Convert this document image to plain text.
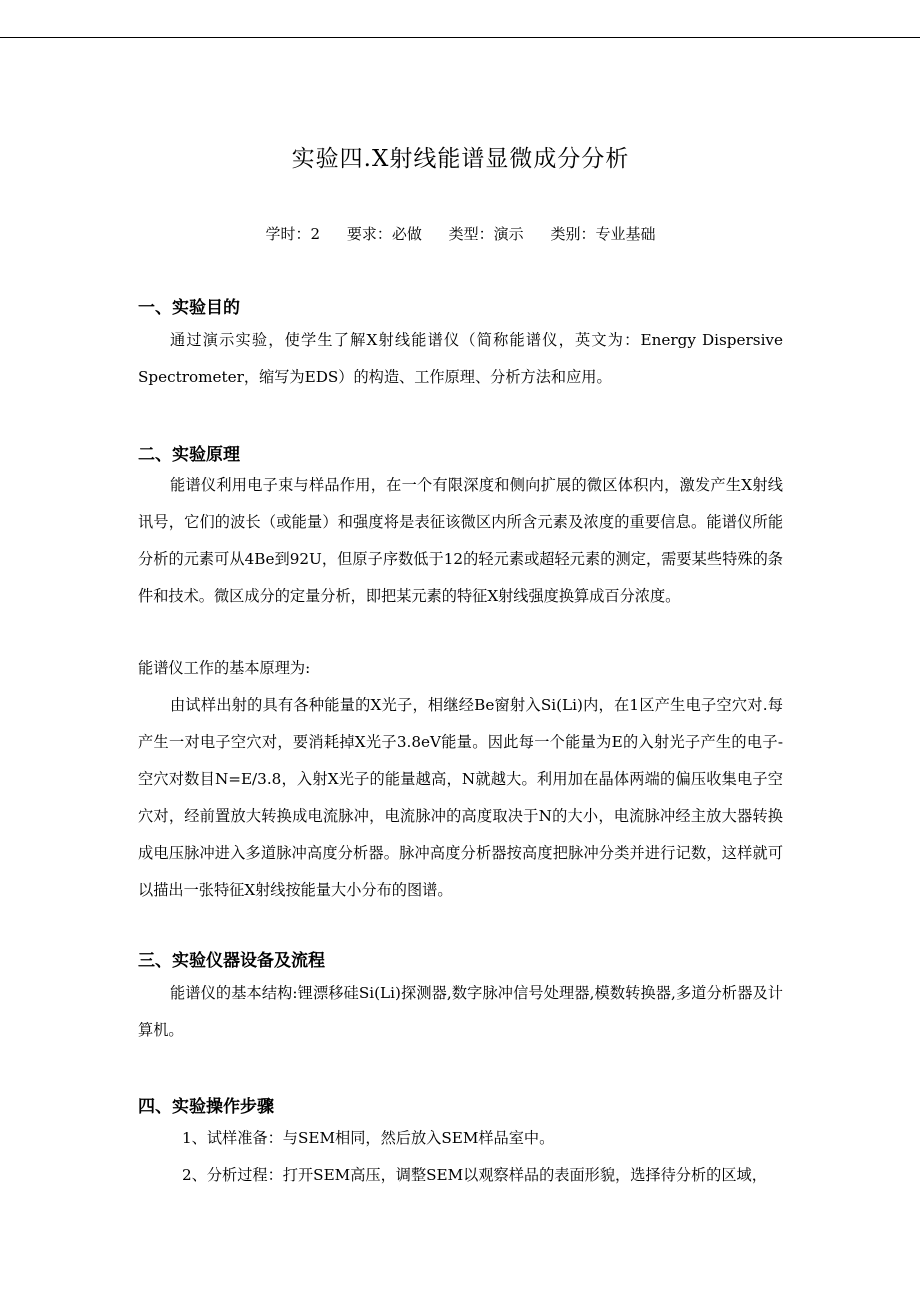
实验四.X射线能谱显微成分分析
学时：2 要求：必做 类型：演示 类别：专业基础
一、实验目的
通过演示实验，使学生了解X射线能谱仪（简称能谱仪，英文为：Energy Dispersive Spectrometer，缩写为EDS）的构造、工作原理、分析方法和应用。
二、实验原理
能谱仪利用电子束与样品作用，在一个有限深度和侧向扩展的微区体积内，激发产生X射线讯号，它们的波长（或能量）和强度将是表征该微区内所含元素及浓度的重要信息。能谱仪所能分析的元素可从4Be到92U，但原子序数低于12的轻元素或超轻元素的测定，需要某些特殊的条件和技术。微区成分的定量分析，即把某元素的特征X射线强度换算成百分浓度。
能谱仪工作的基本原理为:
由试样出射的具有各种能量的X光子，相继经Be窗射入Si(Li)内，在1区产生电子空穴对.每产生一对电子空穴对，要消耗掉X光子3.8eV能量。因此每一个能量为E的入射光子产生的电子-空穴对数目N=E/3.8，入射X光子的能量越高，N就越大。利用加在晶体两端的偏压收集电子空穴对，经前置放大转换成电流脉冲，电流脉冲的高度取决于N的大小，电流脉冲经主放大器转换成电压脉冲进入多道脉冲高度分析器。脉冲高度分析器按高度把脉冲分类并进行记数，这样就可以描出一张特征X射线按能量大小分布的图谱。
三、实验仪器设备及流程
能谱仪的基本结构:锂漂移硅Si(Li)探测器,数字脉冲信号处理器,模数转换器,多道分析器及计算机。
四、实验操作步骤
1、试样准备：与SEM相同，然后放入SEM样品室中。
2、分析过程：打开SEM高压，调整SEM以观察样品的表面形貌，选择待分析的区域，
